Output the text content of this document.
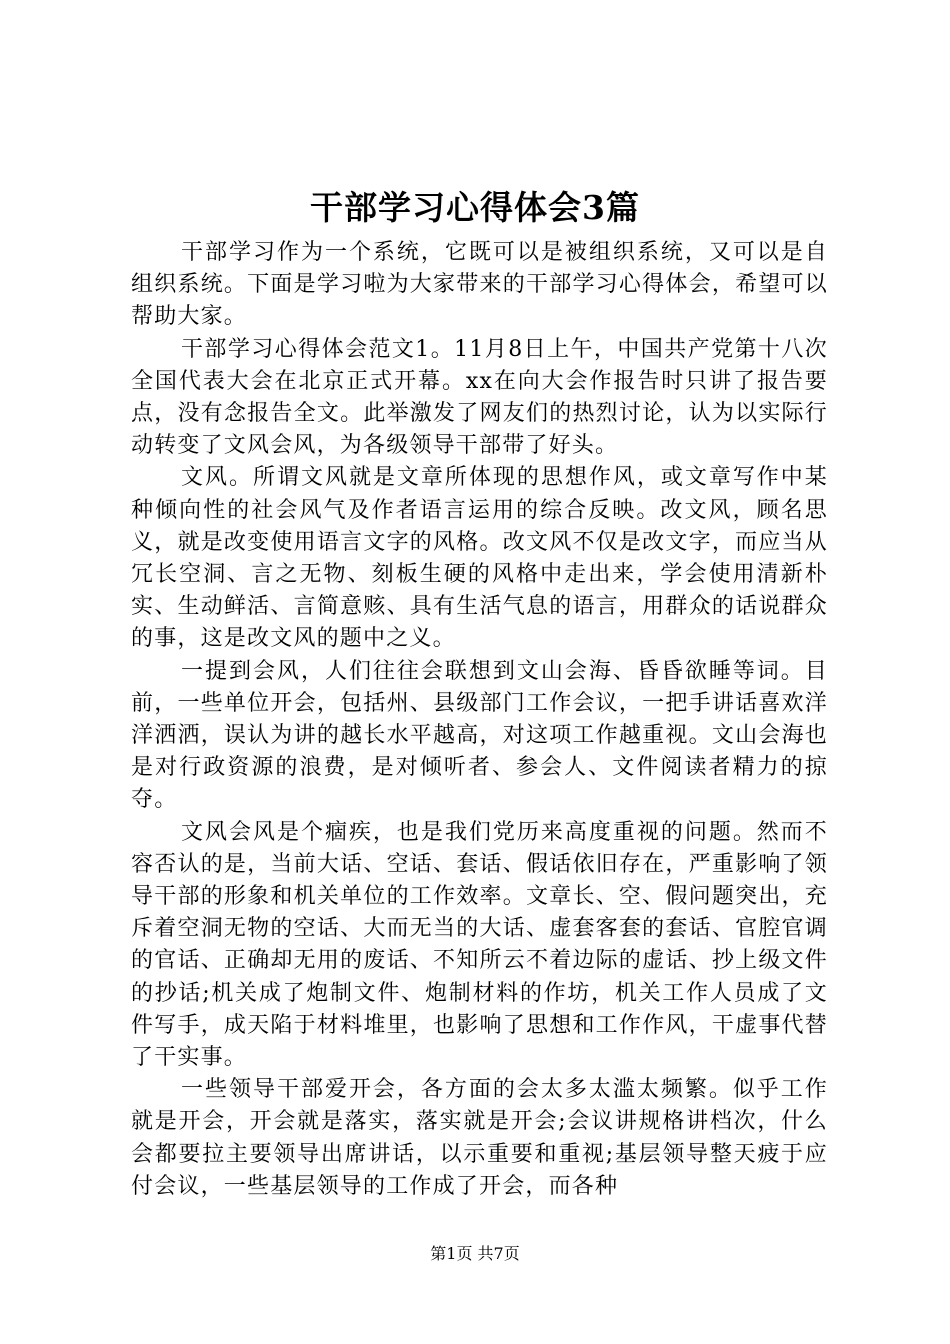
干部学习心得体会3篇

干部学习作为一个系统，它既可以是被组织系统，又可以是自组织系统。下面是学习啦为大家带来的干部学习心得体会，希望可以帮助大家。

干部学习心得体会范文1。11月8日上午，中国共产党第十八次全国代表大会在北京正式开幕。xx在向大会作报告时只讲了报告要点，没有念报告全文。此举激发了网友们的热烈讨论，认为以实际行动转变了文风会风，为各级领导干部带了好头。

文风。所谓文风就是文章所体现的思想作风，或文章写作中某种倾向性的社会风气及作者语言运用的综合反映。改文风，顾名思义，就是改变使用语言文字的风格。改文风不仅是改文字，而应当从冗长空洞、言之无物、刻板生硬的风格中走出来，学会使用清新朴实、生动鲜活、言简意赅、具有生活气息的语言，用群众的话说群众的事，这是改文风的题中之义。

一提到会风，人们往往会联想到文山会海、昏昏欲睡等词。目前，一些单位开会，包括州、县级部门工作会议，一把手讲话喜欢洋洋洒洒，误认为讲的越长水平越高，对这项工作越重视。文山会海也是对行政资源的浪费，是对倾听者、参会人、文件阅读者精力的掠夺。

文风会风是个痼疾，也是我们党历来高度重视的问题。然而不容否认的是，当前大话、空话、套话、假话依旧存在，严重影响了领导干部的形象和机关单位的工作效率。文章长、空、假问题突出，充斥着空洞无物的空话、大而无当的大话、虚套客套的套话、官腔官调的官话、正确却无用的废话、不知所云不着边际的虚话、抄上级文件的抄话;机关成了炮制文件、炮制材料的作坊，机关工作人员成了文件写手，成天陷于材料堆里，也影响了思想和工作作风，干虚事代替了干实事。

一些领导干部爱开会，各方面的会太多太滥太频繁。似乎工作就是开会，开会就是落实，落实就是开会;会议讲规格讲档次，什么会都要拉主要领导出席讲话，以示重要和重视;基层领导整天疲于应付会议，一些基层领导的工作成了开会，而各种

第1页 共7页
